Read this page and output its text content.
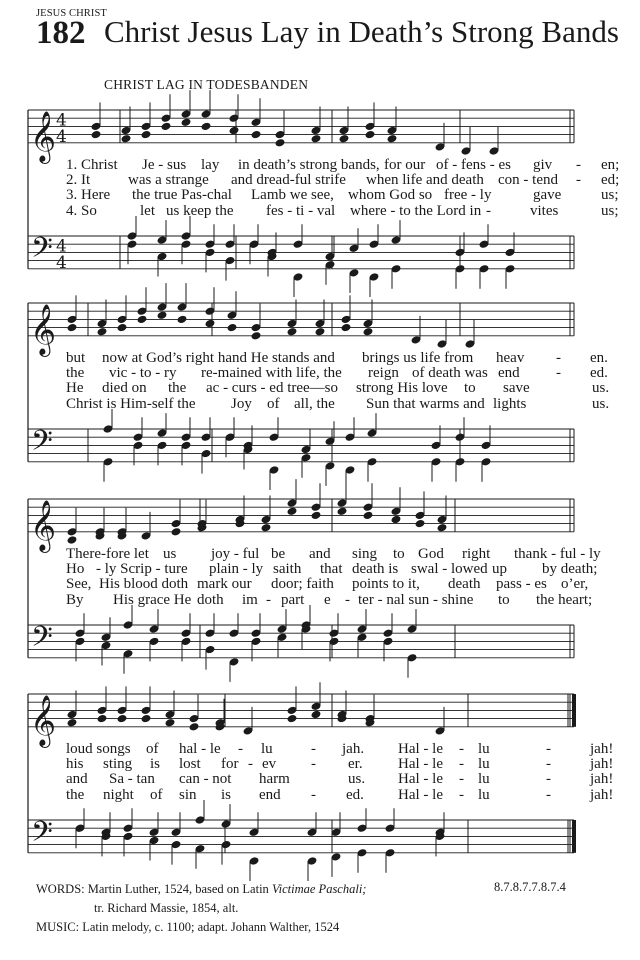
JESUS CHRIST
182 Christ Jesus Lay in Death’s Strong Bands
CHRIST LAG IN TODESBANDEN
𝄞
𝄢
4
4
4
4
1. Christ Je - sus lay in death’s strong bands, for our of - fens - es giv - en;
2. It	was a strange and dread-ful strife when life and death con - tend - ed;
3. Here the true Pas-chal Lamb we see, whom God so free - ly	gave	us;
4. So	let us keep the fes - ti - val where - to the Lord in -	vites	us;
𝄞
𝄢
but now at God’s right hand He stands and brings us life from heav - en.
the vic - to - ry re-mained with life, the reign of death was end - ed.
He died on the ac - curs - ed tree—so strong His love to save	us.
Christ is Him-self the Joy of all, the Sun that warms and lights	us.
𝄞
𝄢
There-fore let us joy - ful be and sing to God right thank - ful - ly
Ho - ly Scrip - ture plain - ly saith that death is swal - lowed up by death;
See, His blood doth mark our door; faith points to it, death pass - es o’er,
By His grace He doth im - part e - ter - nal sun - shine to the heart;
𝄞
𝄢
loud songs of hal - le - lu	- jah. Hal - le - lu	-	jah!
his sting is lost for - ev - er. Hal - le - lu	-	jah!
and Sa - tan can - not harm	us. Hal - le - lu	-	jah!
the night of sin is end - ed. Hal - le - lu	-	jah!
WORDS: Martin Luther, 1524, based on Latin Victimae Paschali;
tr. Richard Massie, 1854, alt.
MUSIC: Latin melody, c. 1100; adapt. Johann Walther, 1524
8.7.8.7.7.8.7.4
